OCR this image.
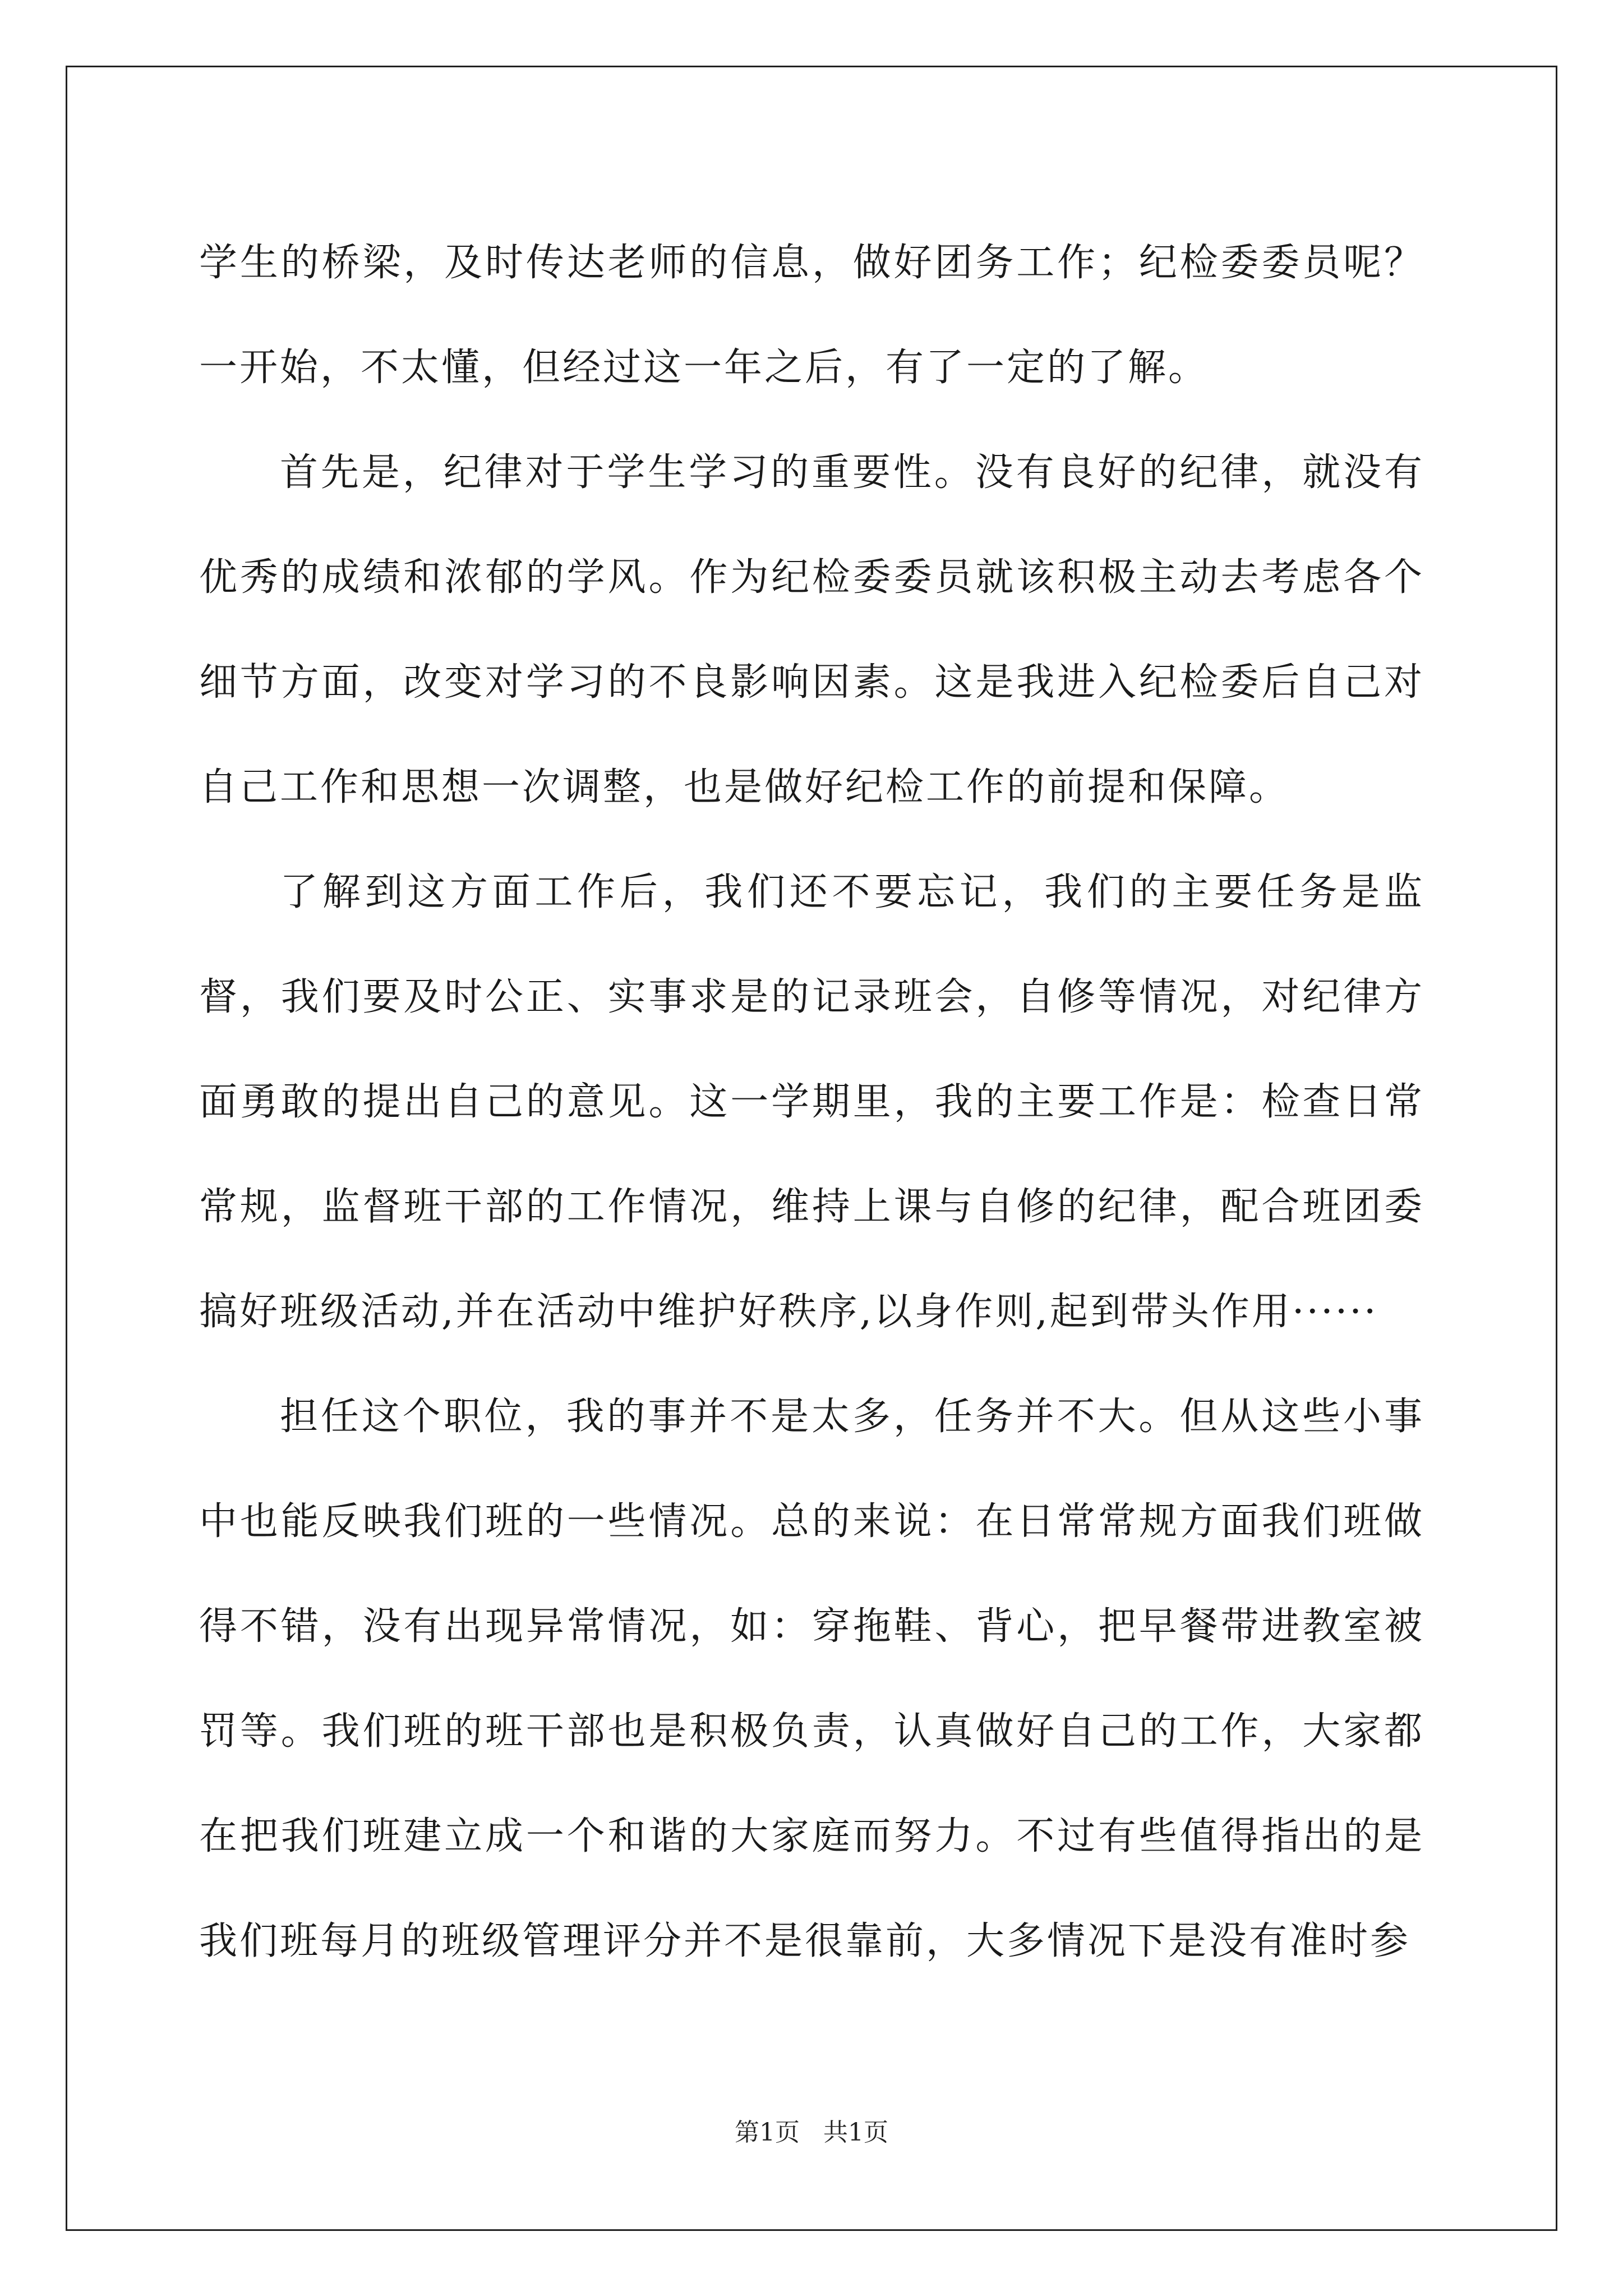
学生的桥梁，及时传达老师的信息，做好团务工作；纪检委委员呢？一开始，不太懂，但经过这一年之后，有了一定的了解。

首先是，纪律对于学生学习的重要性。没有良好的纪律，就没有优秀的成绩和浓郁的学风。作为纪检委委员就该积极主动去考虑各个细节方面，改变对学习的不良影响因素。这是我进入纪检委后自己对自己工作和思想一次调整，也是做好纪检工作的前提和保障。

了解到这方面工作后，我们还不要忘记，我们的主要任务是监督，我们要及时公正、实事求是的记录班会，自修等情况，对纪律方面勇敢的提出自己的意见。这一学期里，我的主要工作是：检查日常常规，监督班干部的工作情况，维持上课与自修的纪律，配合班团委搞好班级活动,并在活动中维护好秩序,以身作则,起到带头作用······

担任这个职位，我的事并不是太多，任务并不大。但从这些小事中也能反映我们班的一些情况。总的来说：在日常常规方面我们班做得不错，没有出现异常情况，如：穿拖鞋、背心，把早餐带进教室被罚等。我们班的班干部也是积极负责，认真做好自己的工作，大家都在把我们班建立成一个和谐的大家庭而努力。不过有些值得指出的是我们班每月的班级管理评分并不是很靠前，大多情况下是没有准时参

第1页 共1页
